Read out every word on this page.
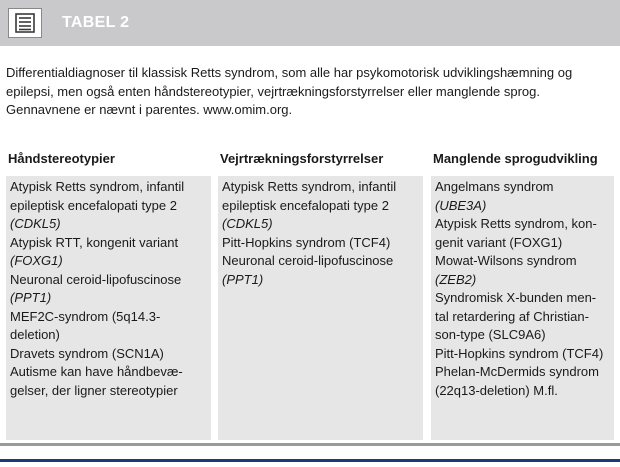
TABEL 2
Differentialdiagnoser til klassisk Retts syndrom, som alle har psykomotorisk udviklingshæmning og epilepsi, men også enten håndstereotypier, vejrtrækningsforstyrrelser eller manglende sprog. Gennavnene er nævnt i parentes. www.omim.org.
Håndstereotypier
Atypisk Retts syndrom, infantil
epileptisk encefalopati type 2
(CDKL5)
Atypisk RTT, kongenit variant
(FOXG1)
Neuronal ceroid-lipofuscinose
(PPT1)
MEF2C-syndrom (5q14.3-
deletion)
Dravets syndrom (SCN1A)
Autisme kan have håndbevæ-
gelser, der ligner stereotypier
Vejrtrækningsforstyrrelser
Atypisk Retts syndrom, infantil
epileptisk encefalopati type 2
(CDKL5)
Pitt-Hopkins syndrom (TCF4)
Neuronal ceroid-lipofuscinose
(PPT1)
Manglende sprogudvikling
Angelmans syndrom
(UBE3A)
Atypisk Retts syndrom, kon-
genit variant (FOXG1)
Mowat-Wilsons syndrom
(ZEB2)
Syndromisk X-bunden men-
tal retardering af Christian-
son-type (SLC9A6)
Pitt-Hopkins syndrom (TCF4)
Phelan-McDermids syndrom
(22q13-deletion) M.fl.
